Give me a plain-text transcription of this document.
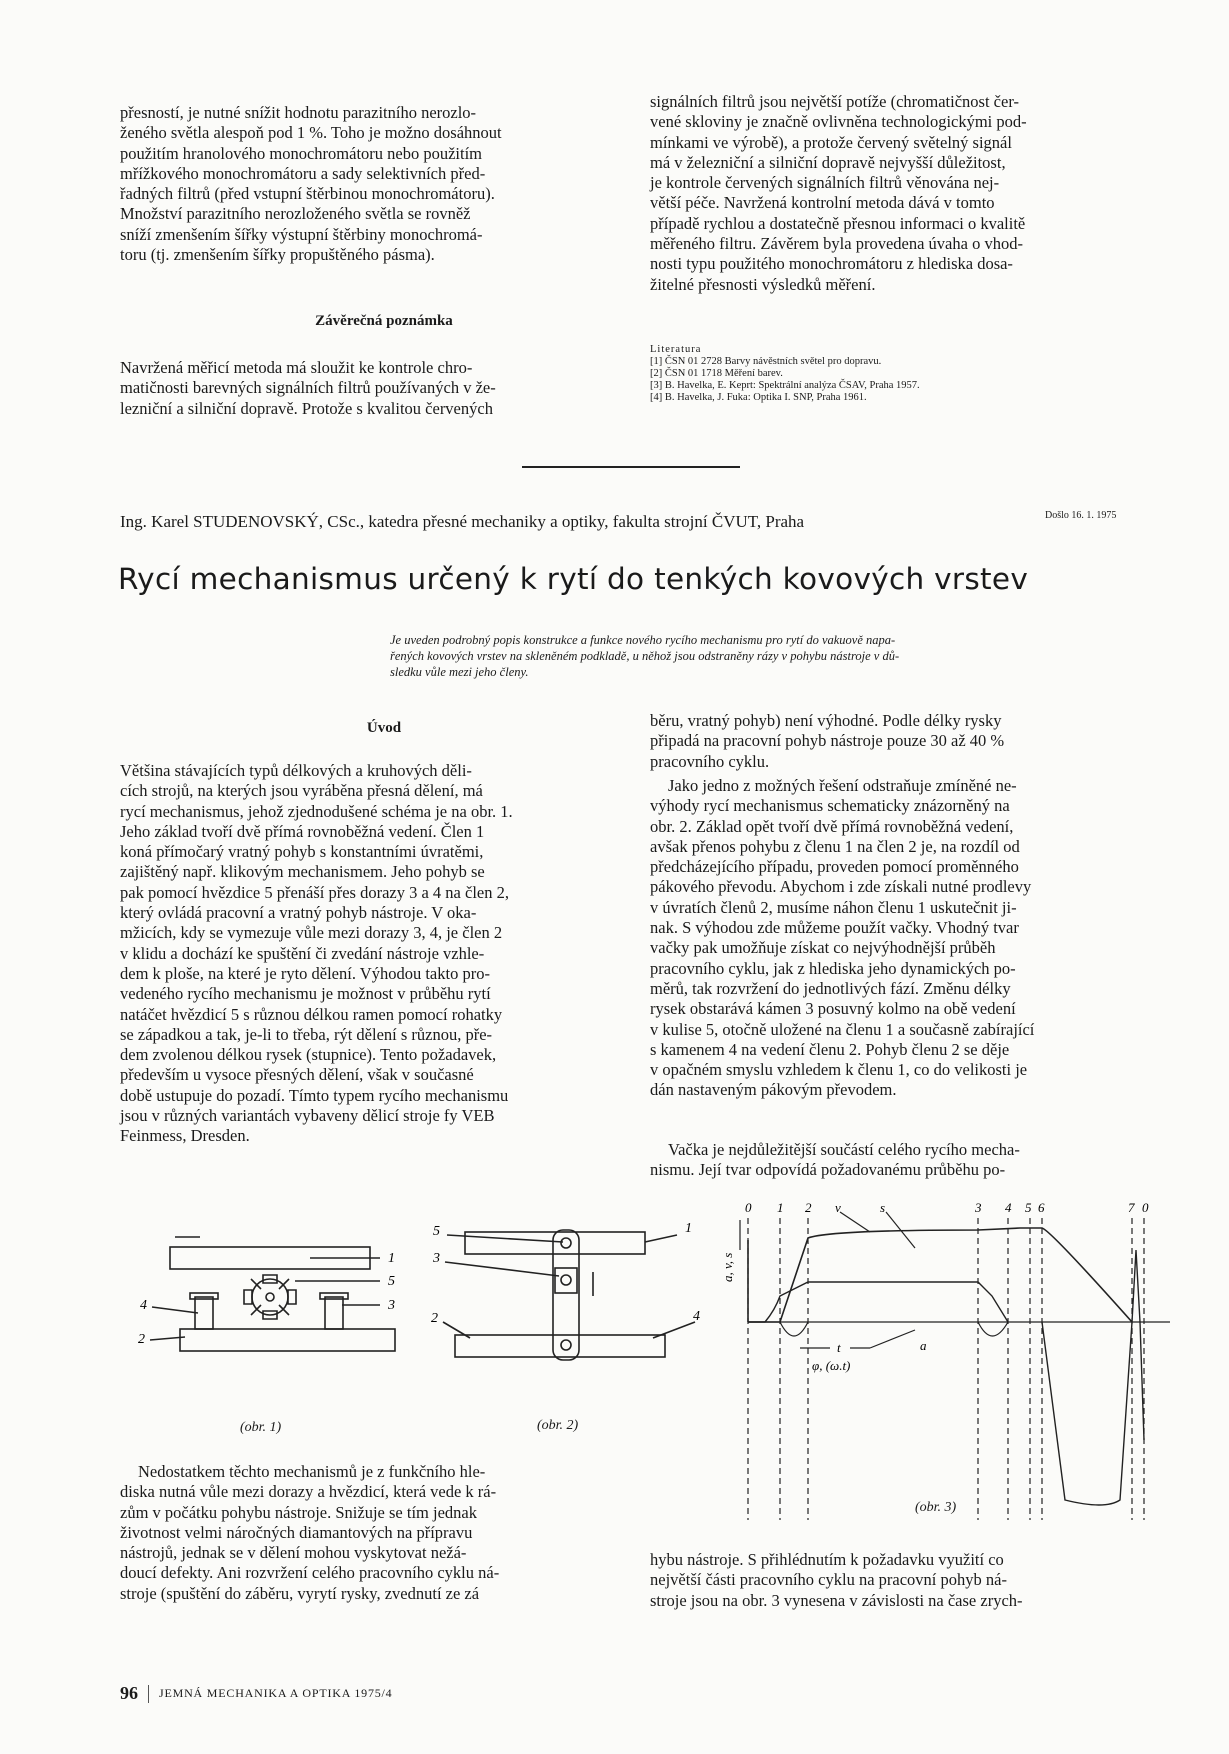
přesností, je nutné snížit hodnotu parazitního nerozlo-
ženého světla alespoň pod 1 %. Toho je možno dosáhnout
použitím hranolového monochromátoru nebo použitím
mřížkového monochromátoru a sady selektivních před-
řadných filtrů (před vstupní štěrbinou monochromátoru).
Množství parazitního nerozloženého světla se rovněž
sníží zmenšením šířky výstupní štěrbiny monochromá-
toru (tj. zmenšením šířky propuštěného pásma).

Závěrečná poznámka

Navržená měřicí metoda má sloužit ke kontrole chro-
matičnosti barevných signálních filtrů používaných v že-
lezniční a silniční dopravě. Protože s kvalitou červených

signálních filtrů jsou největší potíže (chromatičnost čer-
vené skloviny je značně ovlivněna technologickými pod-
mínkami ve výrobě), a protože červený světelný signál
má v železniční a silniční dopravě nejvyšší důležitost,
je kontrole červených signálních filtrů věnována nej-
větší péče. Navržená kontrolní metoda dává v tomto
případě rychlou a dostatečně přesnou informaci o kvalitě
měřeného filtru. Závěrem byla provedena úvaha o vhod-
nosti typu použitého monochromátoru z hlediska dosa-
žitelné přesnosti výsledků měření.

Literatura
[1] ČSN 01 2728 Barvy návěstních světel pro dopravu.
[2] ČSN 01 1718 Měření barev.
[3] B. Havelka, E. Keprt: Spektrální analýza ČSAV, Praha 1957.
[4] B. Havelka, J. Fuka: Optika I. SNP, Praha 1961.
Ing. Karel STUDENOVSKÝ, CSc., katedra přesné mechaniky a optiky, fakulta strojní ČVUT, Praha	Došlo 16. 1. 1975
Rycí mechanismus určený k rytí do tenkých kovových vrstev

Je uveden podrobný popis konstrukce a funkce nového rycího mechanismu pro rytí do vakuově napa-
řených kovových vrstev na skleněném podkladě, u něhož jsou odstraněny rázy v pohybu nástroje v dů-
sledku vůle mezi jeho členy.

Úvod

Většina stávajících typů délkových a kruhových děli-
cích strojů, na kterých jsou vyráběna přesná dělení, má
rycí mechanismus, jehož zjednodušené schéma je na obr. 1.
Jeho základ tvoří dvě přímá rovnoběžná vedení. Člen 1
koná přímočarý vratný pohyb s konstantními úvratěmi,
zajištěný např. klikovým mechanismem. Jeho pohyb se
pak pomocí hvězdice 5 přenáší přes dorazy 3 a 4 na člen 2,
který ovládá pracovní a vratný pohyb nástroje. V oka-
mžicích, kdy se vymezuje vůle mezi dorazy 3, 4, je člen 2
v klidu a dochází ke spuštění či zvedání nástroje vzhle-
dem k ploše, na které je ryto dělení. Výhodou takto pro-
vedeného rycího mechanismu je možnost v průběhu rytí
natáčet hvězdicí 5 s různou délkou ramen pomocí rohatky
se západkou a tak, je-li to třeba, rýt dělení s různou, pře-
dem zvolenou délkou rysek (stupnice). Tento požadavek,
především u vysoce přesných dělení, však v současné
době ustupuje do pozadí. Tímto typem rycího mechanismu
jsou v různých variantách vybaveny dělicí stroje fy VEB
Feinmess, Dresden.

běru, vratný pohyb) není výhodné. Podle délky rysky
připadá na pracovní pohyb nástroje pouze 30 až 40 %
pracovního cyklu.

Jako jedno z možných řešení odstraňuje zmíněné ne-
výhody rycí mechanismus schematicky znázorněný na
obr. 2. Základ opět tvoří dvě přímá rovnoběžná vedení,
avšak přenos pohybu z členu 1 na člen 2 je, na rozdíl od
předcházejícího případu, proveden pomocí proměnného
pákového převodu. Abychom i zde získali nutné prodlevy
v úvratích členů 2, musíme náhon členu 1 uskutečnit ji-
nak. S výhodou zde můžeme použít vačky. Vhodný tvar
vačky pak umožňuje získat co nejvýhodnější průběh
pracovního cyklu, jak z hlediska jeho dynamických po-
měrů, tak rozvržení do jednotlivých fází. Změnu délky
rysek obstarává kámen 3 posuvný kolmo na obě vedení
v kulise 5, otočně uložené na členu 1 a současně zabírající
s kamenem 4 na vedení členu 2. Pohyb členu 2 se děje
v opačném smyslu vzhledem k členu 1, co do velikosti je
dán nastaveným pákovým převodem.

Vačka je nejdůležitější součástí celého rycího mecha-
nismu. Její tvar odpovídá požadovanému průběhu po-

1
5
4	3
2
(obr. 1)
5	1
3
2	4
(obr. 2)
0 1 2 v	s	3 4 5 6	7 0
a, v, s
t
φ, (ω.t)
a
(obr. 3)

Nedostatkem těchto mechanismů je z funkčního hle-
diska nutná vůle mezi dorazy a hvězdicí, která vede k rá-
zům v počátku pohybu nástroje. Snižuje se tím jednak
životnost velmi náročných diamantových na přípravu
nástrojů, jednak se v dělení mohou vyskytovat nežá-
doucí defekty. Ani rozvržení celého pracovního cyklu ná-
stroje (spuštění do záběru, vyrytí rysky, zvednutí ze zá

hybu nástroje. S přihlédnutím k požadavku využití co
největší části pracovního cyklu na pracovní pohyb ná-
stroje jsou na obr. 3 vynesena v závislosti na čase zrych-

96 JEMNÁ MECHANIKA A OPTIKA 1975/4
